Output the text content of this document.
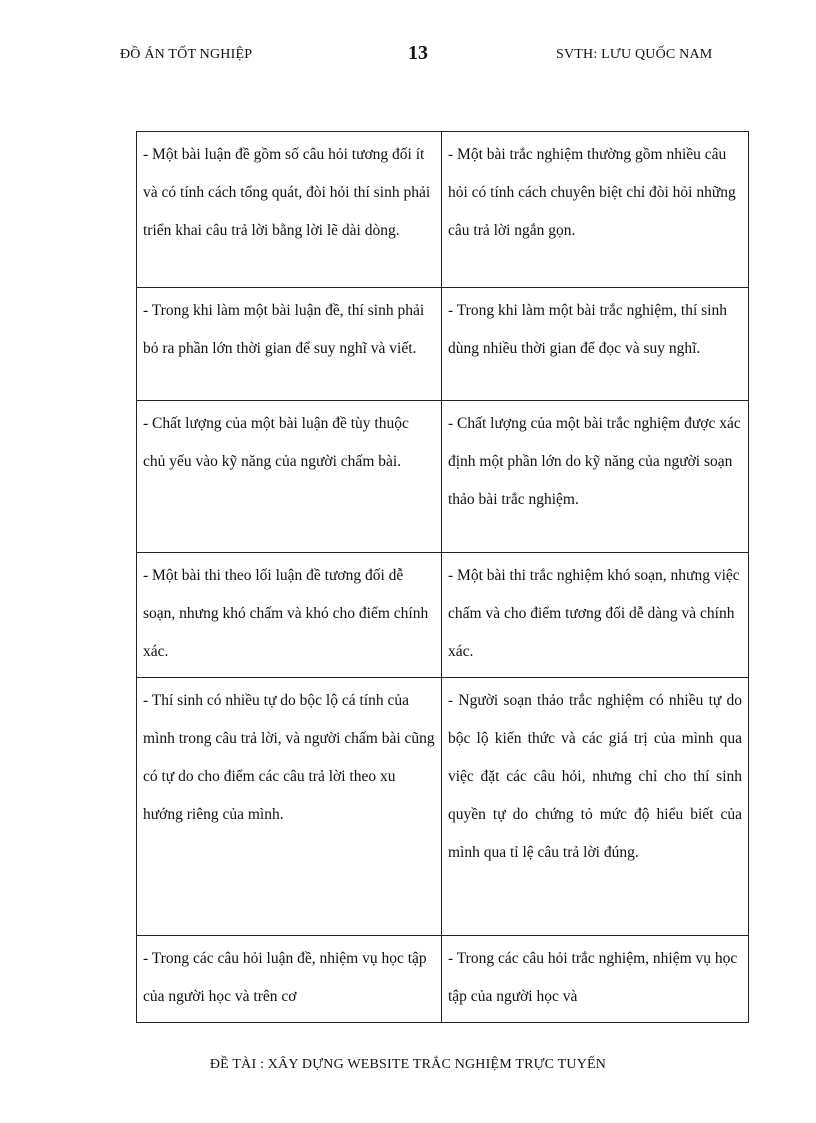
ĐỒ ÁN TỐT NGHIỆP	13	SVTH: LƯU QUỐC NAM
- Một bài luận đề gồm số câu hỏi tương đối ít và có tính cách tổng quát, đòi hỏi thí sinh phải triển khai câu trả lời bằng lời lẽ dài dòng.	- Một bài trắc nghiệm thường gồm nhiều câu hỏi có tính cách chuyên biệt chỉ đòi hỏi những câu trả lời ngắn gọn.
- Trong khi làm một bài luận đề, thí sinh phải bỏ ra phần lớn thời gian để suy nghĩ và viết.	- Trong khi làm một bài trắc nghiệm, thí sinh dùng nhiều thời gian để đọc và suy nghĩ.
- Chất lượng của một bài luận đề tùy thuộc chủ yếu vào kỹ năng của người chấm bài.	- Chất lượng của một bài trắc nghiệm được xác định một phần lớn do kỹ năng của người soạn thảo bài trắc nghiệm.
- Một bài thi theo lối luận đề tương đối dễ soạn, nhưng khó chấm và khó cho điểm chính xác.	- Một bài thi trắc nghiệm khó soạn, nhưng việc chấm và cho điểm tương đối dễ dàng và chính xác.
- Thí sinh có nhiều tự do bộc lộ cá tính của mình trong câu trả lời, và người chấm bài cũng có tự do cho điểm các câu trả lời theo xu hướng riêng của mình.	- Người soạn thảo trắc nghiệm có nhiều tự do bộc lộ kiến thức và các giá trị của mình qua việc đặt các câu hỏi, nhưng chỉ cho thí sinh quyền tự do chứng tỏ mức độ hiểu biết của mình qua tỉ lệ câu trả lời đúng.
- Trong các câu hỏi luận đề, nhiệm vụ học tập của người học và trên cơ	- Trong các câu hỏi trắc nghiệm, nhiệm vụ học tập của người học và
ĐỀ TÀI : XÂY DỰNG WEBSITE TRẮC NGHIỆM TRỰC TUYẾN
